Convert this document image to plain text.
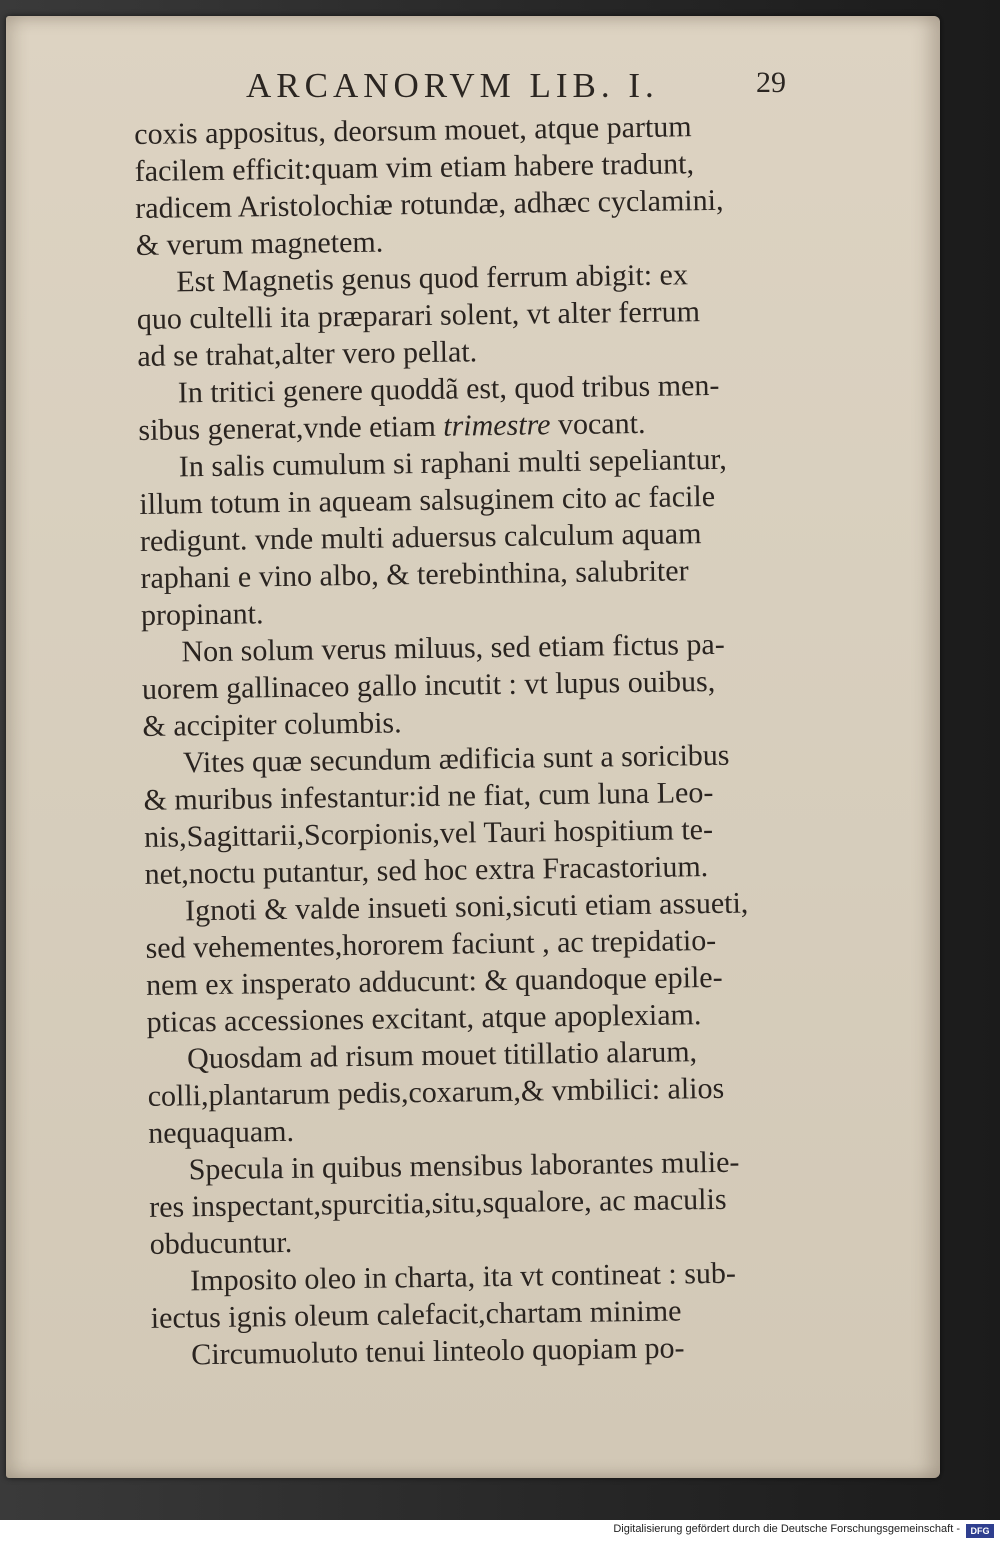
ARCANORVM LIB. I.	29
coxis appositus, deorsum mouet, atque partum
facilem efficit:quam vim etiam habere tradunt,
radicem Aristolochiæ rotundæ, adhæc cyclamini,
& verum magnetem.
Est Magnetis genus quod ferrum abigit: ex
quo cultelli ita præparari solent, vt alter ferrum
ad se trahat,alter vero pellat.
In tritici genere quoddã est, quod tribus men-
sibus generat,vnde etiam trimestre vocant.
In salis cumulum si raphani multi sepeliantur,
illum totum in aqueam salsuginem cito ac facile
redigunt. vnde multi aduersus calculum aquam
raphani e vino albo, & terebinthina, salubriter
propinant.
Non solum verus miluus, sed etiam fictus pa-
uorem gallinaceo gallo incutit : vt lupus ouibus,
& accipiter columbis.
Vites quæ secundum ædificia sunt a soricibus
& muribus infestantur:id ne fiat, cum luna Leo-
nis,Sagittarii,Scorpionis,vel Tauri hospitium te-
net,noctu putantur, sed hoc extra Fracastorium.
Ignoti & valde insueti soni,sicuti etiam assueti,
sed vehementes,hororem faciunt , ac trepidatio-
nem ex insperato adducunt: & quandoque epile-
pticas accessiones excitant, atque apoplexiam.
Quosdam ad risum mouet titillatio alarum,
colli,plantarum pedis,coxarum,& vmbilici: alios
nequaquam.
Specula in quibus mensibus laborantes mulie-
res inspectant,spurcitia,situ,squalore, ac maculis
obducuntur.
Imposito oleo in charta, ita vt contineat : sub-
iectus ignis oleum calefacit,chartam minime
Circumuoluto tenui linteolo quopiam po-
Digitalisierung gefördert durch die Deutsche Forschungsgemeinschaft -	DFG
